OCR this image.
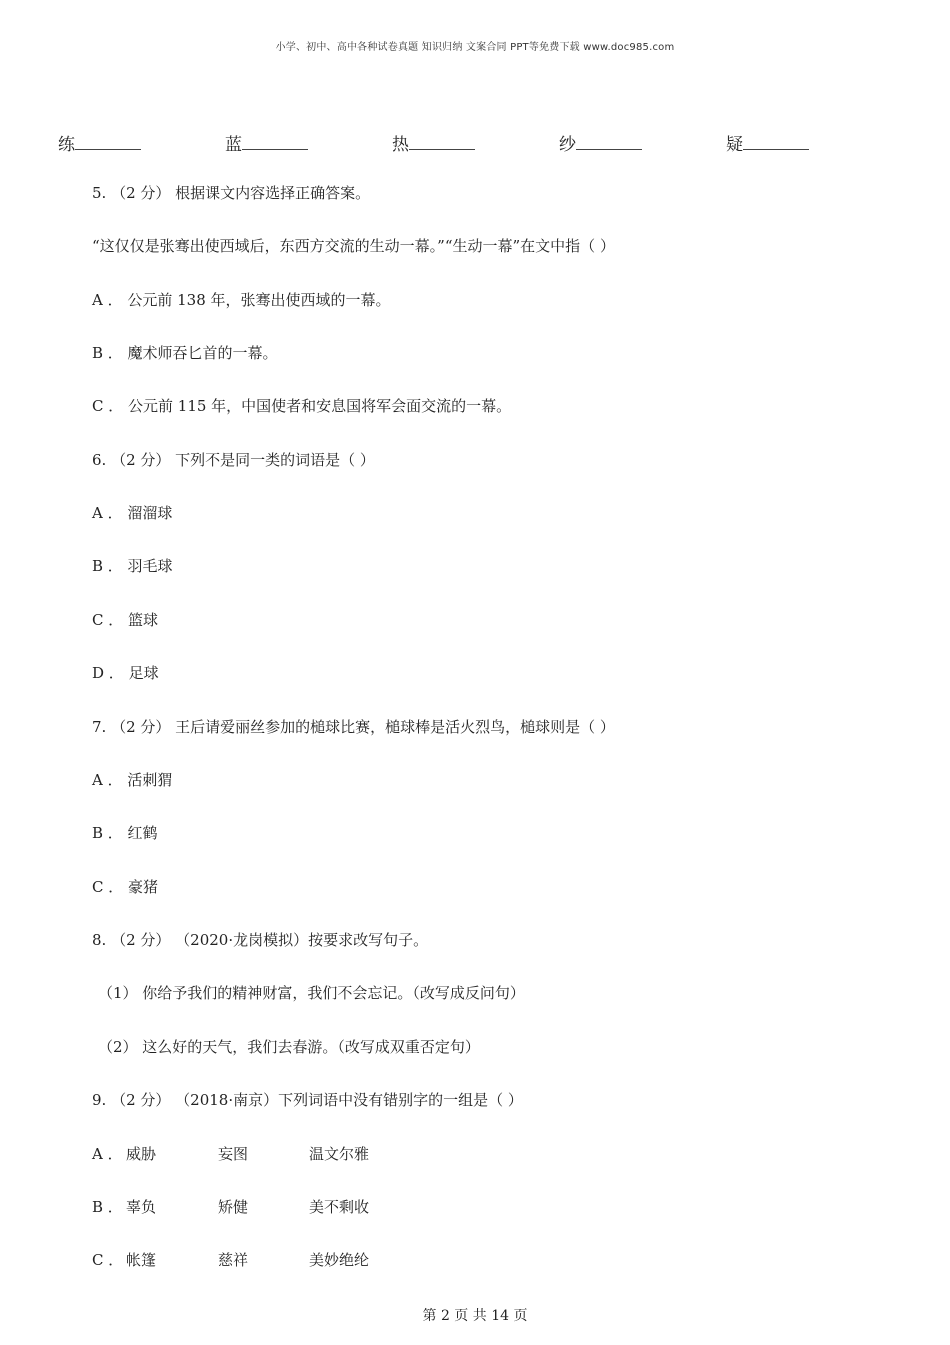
小学、初中、高中各种试卷真题 知识归纳 文案合同 PPT等免费下载 www.doc985.com
练	蓝	热	纱	疑
5. （2 分） 根据课文内容选择正确答案。
“这仅仅是张骞出使西域后，东西方交流的生动一幕。”“生动一幕”在文中指（ ）
A ． 公元前 138 年，张骞出使西域的一幕。
B ． 魔术师吞匕首的一幕。
C ． 公元前 115 年，中国使者和安息国将军会面交流的一幕。
6. （2 分） 下列不是同一类的词语是（ ）
A ． 溜溜球
B ． 羽毛球
C ． 篮球
D ． 足球
7. （2 分） 王后请爱丽丝参加的槌球比赛，槌球棒是活火烈鸟，槌球则是（ ）
A ． 活刺猬
B ． 红鹤
C ． 豪猪
8. （2 分） （2020·龙岗模拟）按要求改写句子。
（1） 你给予我们的精神财富，我们不会忘记。（改写成反问句）
（2） 这么好的天气，我们去春游。（改写成双重否定句）
9. （2 分） （2018·南京）下列词语中没有错别字的一组是（ ）
A ． 威胁	妄图	温文尔雅
B ． 辜负	矫健	美不剩收
C ． 帐篷	慈祥	美妙绝纶
第 2 页 共 14 页
